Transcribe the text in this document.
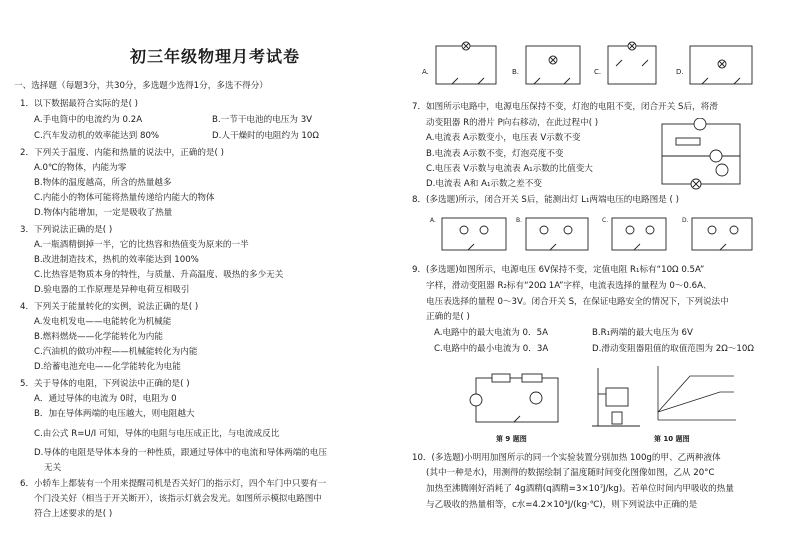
初三年级物理月考试卷
一、选择题（每题3分，共30分，多选题少选得1分，多选不得分）
1．以下数据最符合实际的是( )
A.手电筒中的电流约为 0.2A	B.一节干电池的电压为 3V
C.汽车发动机的效率能达到 80%	D.人干燥时的电阻约为 10Ω
2．下列关于温度、内能和热量的说法中，正确的是( )
A.0℃的物体，内能为零
B.物体的温度越高，所含的热量越多
C.内能小的物体可能将热量传递给内能大的物体
D.物体内能增加，一定是吸收了热量
3．下列说法正确的是( )
A.一瓶酒精倒掉一半，它的比热容和热值变为原来的一半
B.改进制造技术，热机的效率能达到 100%
C.比热容是物质本身的特性，与质量、升高温度、吸热的多少无关
D.验电器的工作原理是异种电荷互相吸引
4．下列关于能量转化的实例，说法正确的是( )
A.发电机发电——电能转化为机械能
B.燃料燃烧——化学能转化为内能
C.汽油机的做功冲程——机械能转化为内能
D.给蓄电池充电——化学能转化为电能
5．关于导体的电阻，下列说法中正确的是( )
A．通过导体的电流为 0时，电阻为 0
B．加在导体两端的电压越大，则电阻越大
C.由公式 R=U/I 可知，导体的电阻与电压成正比，与电流成反比
D.导体的电阻是导体本身的一种性质，跟通过导体中的电流和导体两端的电压
无关
6．小轿车上都装有一个用来提醒司机是否关好门的指示灯，四个车门中只要有一
个门没关好（相当于开关断开），该指示灯就会发光。如图所示模拟电路图中
符合上述要求的是( )
A.	B.	C.	D.
7．如图所示电路中，电源电压保持不变，灯泡的电阻不变，闭合开关 S后，将滑
动变阻器 R的滑片 P向右移动，在此过程中( )
A.电流表 A示数变小，电压表 V示数不变
B.电流表 A示数不变，灯泡亮度不变
C.电压表 V示数与电流表 A₁示数的比值变大
D.电流表 A和 A₁示数之差不变
8．(多选题)所示，闭合开关 S后，能测出灯 L₁两端电压的电路图是 ( )
A.	B.	C.	D.
9．(多选题)如图所示，电源电压 6V保持不变，定值电阻 R₁标有“10Ω 0.5A”
字样，滑动变阻器 R₂标有“20Ω 1A”字样，电流表选择的量程为 0～0.6A、
电压表选择的量程 0～3V。闭合开关 S，在保证电路安全的情况下，下列说法中
正确的是( )
A.电路中的最大电流为 0．5A	B.R₁两端的最大电压为 6V
C.电路中的最小电流为 0．3A	D.滑动变阻器阻值的取值范围为 2Ω～10Ω
第 9 题图	第 10 题图
10．(多选题)小明用加图所示的同一个实验装置分别加热 100g的甲、乙两种液体
(其中一种是水)，用测得的数据绘制了温度随时间变化图像如图，乙从 20°C
加热至沸腾刚好消耗了 4g酒精(q酒精=3×10⁷J/kg)。若单位时间内甲吸收的热量
与乙吸收的热量相等，c水=4.2×10³J/(kg·℃)，则下列说法中正确的是
